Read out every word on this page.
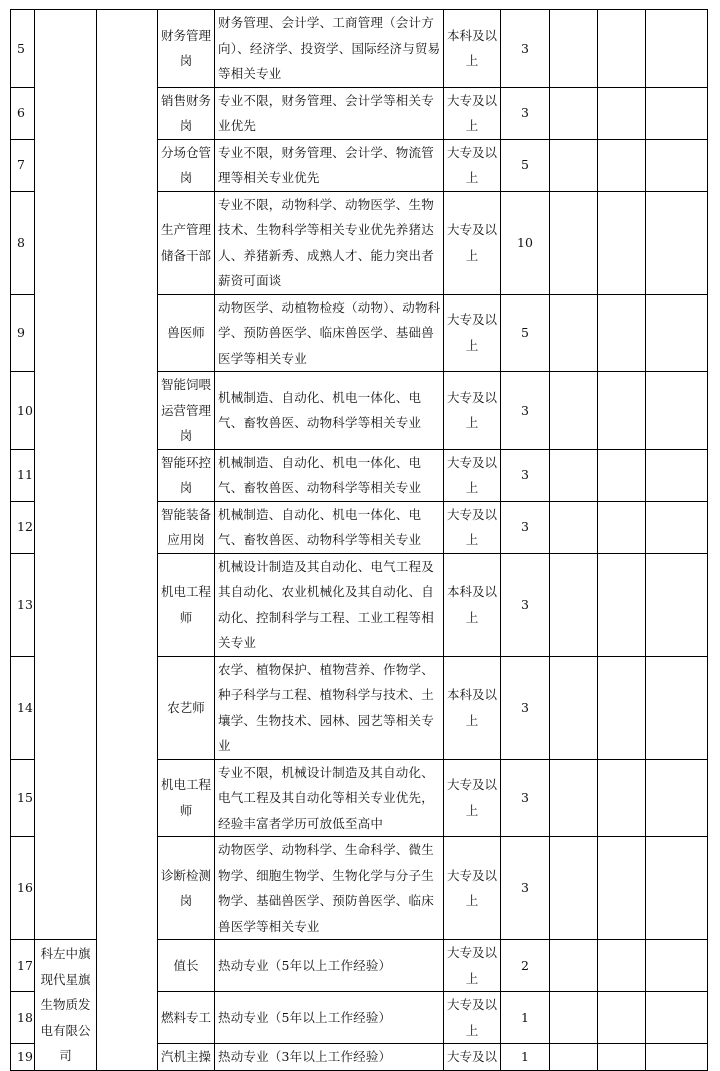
5			财务管理岗	财务管理、会计学、工商管理（会计方向）、经济学、投资学、国际经济与贸易等相关专业	本科及以上	3			
6			销售财务岗	专业不限，财务管理、会计学等相关专业优先	大专及以上	3			
7			分场仓管岗	专业不限，财务管理、会计学、物流管理等相关专业优先	大专及以上	5			
8			生产管理储备干部	专业不限，动物科学、动物医学、生物技术、生物科学等相关专业优先养猪达人、养猪新秀、成熟人才、能力突出者薪资可面谈	大专及以上	10			
9			兽医师	动物医学、动植物检疫（动物）、动物科学、预防兽医学、临床兽医学、基础兽医学等相关专业	大专及以上	5			
10			智能饲喂运营管理岗	机械制造、自动化、机电一体化、电气、畜牧兽医、动物科学等相关专业	大专及以上	3			
11			智能环控岗	机械制造、自动化、机电一体化、电气、畜牧兽医、动物科学等相关专业	大专及以上	3			
12			智能装备应用岗	机械制造、自动化、机电一体化、电气、畜牧兽医、动物科学等相关专业	大专及以上	3			
13			机电工程师	机械设计制造及其自动化、电气工程及其自动化、农业机械化及其自动化、自动化、控制科学与工程、工业工程等相关专业	本科及以上	3			
14			农艺师	农学、植物保护、植物营养、作物学、种子科学与工程、植物科学与技术、土壤学、生物技术、园林、园艺等相关专业	本科及以上	3			
15			机电工程师	专业不限，机械设计制造及其自动化、电气工程及其自动化等相关专业优先，经验丰富者学历可放低至高中	大专及以上	3			
16			诊断检测岗	动物医学、动物科学、生命科学、微生物学、细胞生物学、生物化学与分子生物学、基础兽医学、预防兽医学、临床兽医学等相关专业	大专及以上	3			
17	科左中旗现代星旗生物质发电有限公司		值长	热动专业（5年以上工作经验）	大专及以上	2			
18			燃料专工	热动专业（5年以上工作经验）	大专及以上	1			
19			汽机主操	热动专业（3年以上工作经验）	大专及以	1			
